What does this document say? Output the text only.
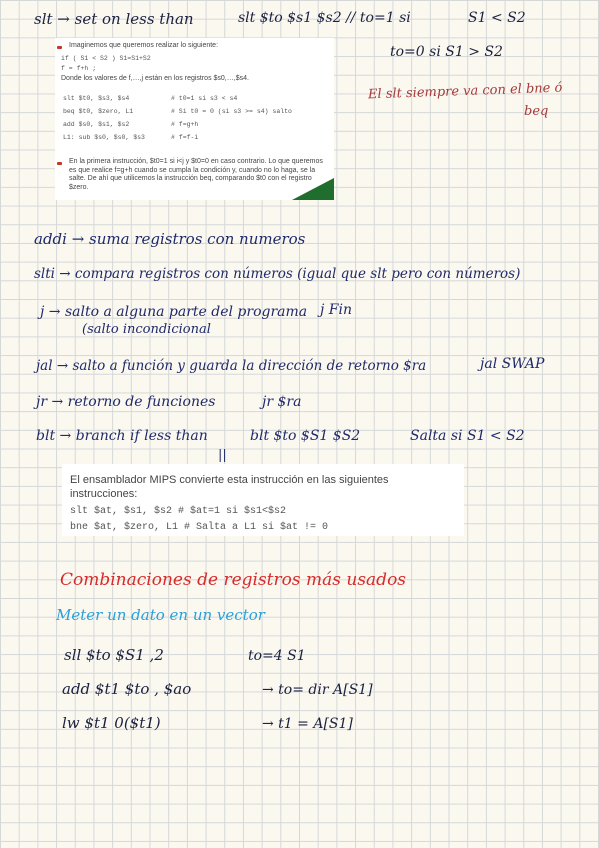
slt → set on less than	slt $to $s1 $s2 // to=1 si	S1 < S2
to=0 si S1 > S2
El slt siempre va con el bne ó
beq
Imaginemos que queremos realizar lo siguiente:
if ( S1 < S2 ) S1=S1+S2
f = f+h ;
Donde los valores de f,…,j están en los registros $s0,…,$s4.
slt $t0, $s3, $s4	# t0=1 si s3 < s4
beq $t0, $zero, L1	# Si t0 = 0 (si s3 >= s4) salto
add $s0, $s1, $s2	# f=g+h
L1: sub $s0, $s0, $s3	# f=f-i
En la primera instrucción, $t0=1 si i<j y $t0=0 en caso contrario. Lo que queremos es que realice f=g+h cuando se cumpla la condición y, cuando no lo haga, se la salte. De ahí que utilicemos la instrucción beq, comparando $t0 con el registro $zero.
addi → suma registros con numeros
slti → compara registros con números (igual que slt pero con números)
j → salto a alguna parte del programa j Fin
(salto incondicional
jal → salto a función y guarda la dirección de retorno $ra	jal SWAP
jr → retorno de funciones	jr $ra
blt → branch if less than	blt $to $S1 $S2	Salta si S1 < S2
||
El ensamblador MIPS convierte esta instrucción en las siguientes
instrucciones:
slt $at, $s1, $s2 # $at=1 si $s1<$s2
bne $at, $zero, L1 # Salta a L1 si $at != 0
Combinaciones de registros más usados
Meter un dato en un vector
sll $to $S1 ,2	to=4 S1
add $t1 $to , $ao	→ to= dir A[S1]
lw $t1 0($t1)	→ t1 = A[S1]
